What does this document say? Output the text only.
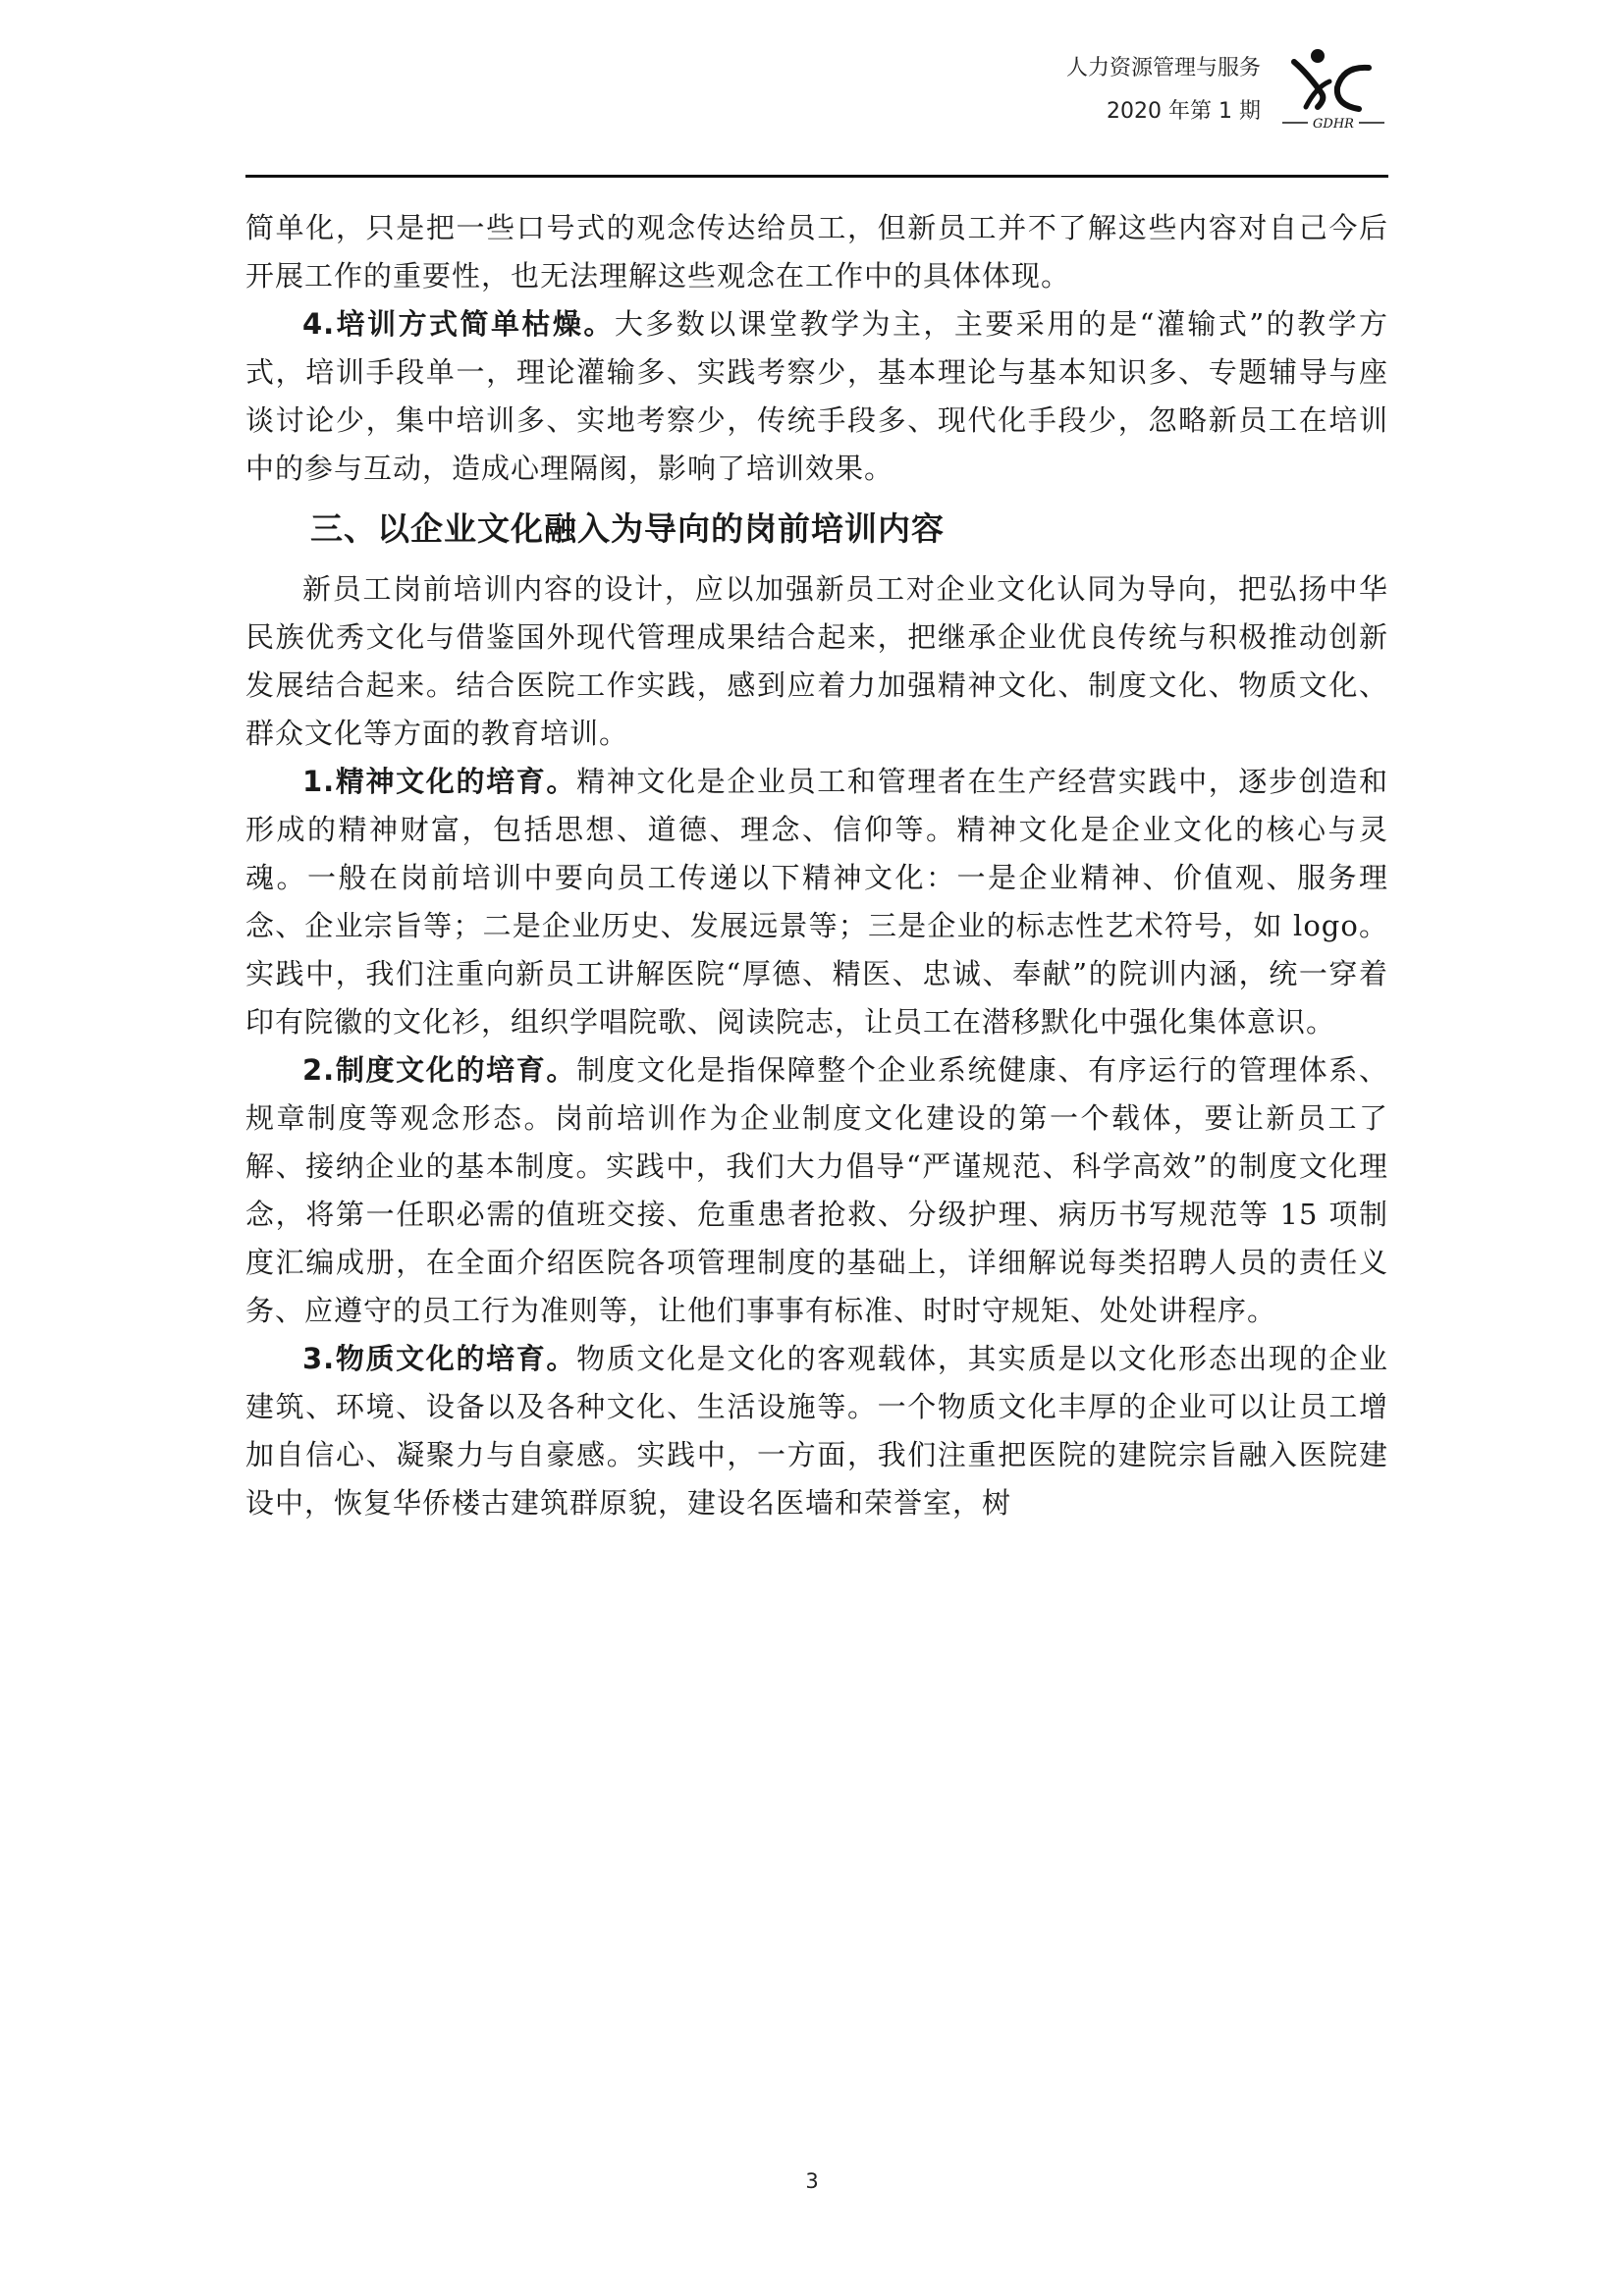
人力资源管理与服务
2020 年第 1 期
GDHR

简单化，只是把一些口号式的观念传达给员工，但新员工并不了解这些内容对自己今后开展工作的重要性，也无法理解这些观念在工作中的具体体现。

4.培训方式简单枯燥。大多数以课堂教学为主，主要采用的是“灌输式”的教学方式，培训手段单一，理论灌输多、实践考察少，基本理论与基本知识多、专题辅导与座谈讨论少，集中培训多、实地考察少，传统手段多、现代化手段少，忽略新员工在培训中的参与互动，造成心理隔阂，影响了培训效果。

三、以企业文化融入为导向的岗前培训内容

新员工岗前培训内容的设计，应以加强新员工对企业文化认同为导向，把弘扬中华民族优秀文化与借鉴国外现代管理成果结合起来，把继承企业优良传统与积极推动创新发展结合起来。结合医院工作实践，感到应着力加强精神文化、制度文化、物质文化、群众文化等方面的教育培训。

1.精神文化的培育。精神文化是企业员工和管理者在生产经营实践中，逐步创造和形成的精神财富，包括思想、道德、理念、信仰等。精神文化是企业文化的核心与灵魂。一般在岗前培训中要向员工传递以下精神文化：一是企业精神、价值观、服务理念、企业宗旨等；二是企业历史、发展远景等；三是企业的标志性艺术符号，如 logo。实践中，我们注重向新员工讲解医院“厚德、精医、忠诚、奉献”的院训内涵，统一穿着印有院徽的文化衫，组织学唱院歌、阅读院志，让员工在潜移默化中强化集体意识。

2.制度文化的培育。制度文化是指保障整个企业系统健康、有序运行的管理体系、规章制度等观念形态。岗前培训作为企业制度文化建设的第一个载体，要让新员工了解、接纳企业的基本制度。实践中，我们大力倡导“严谨规范、科学高效”的制度文化理念，将第一任职必需的值班交接、危重患者抢救、分级护理、病历书写规范等 15 项制度汇编成册，在全面介绍医院各项管理制度的基础上，详细解说每类招聘人员的责任义务、应遵守的员工行为准则等，让他们事事有标准、时时守规矩、处处讲程序。

3.物质文化的培育。物质文化是文化的客观载体，其实质是以文化形态出现的企业建筑、环境、设备以及各种文化、生活设施等。一个物质文化丰厚的企业可以让员工增加自信心、凝聚力与自豪感。实践中，一方面，我们注重把医院的建院宗旨融入医院建设中，恢复华侨楼古建筑群原貌，建设名医墙和荣誉室，树

3
